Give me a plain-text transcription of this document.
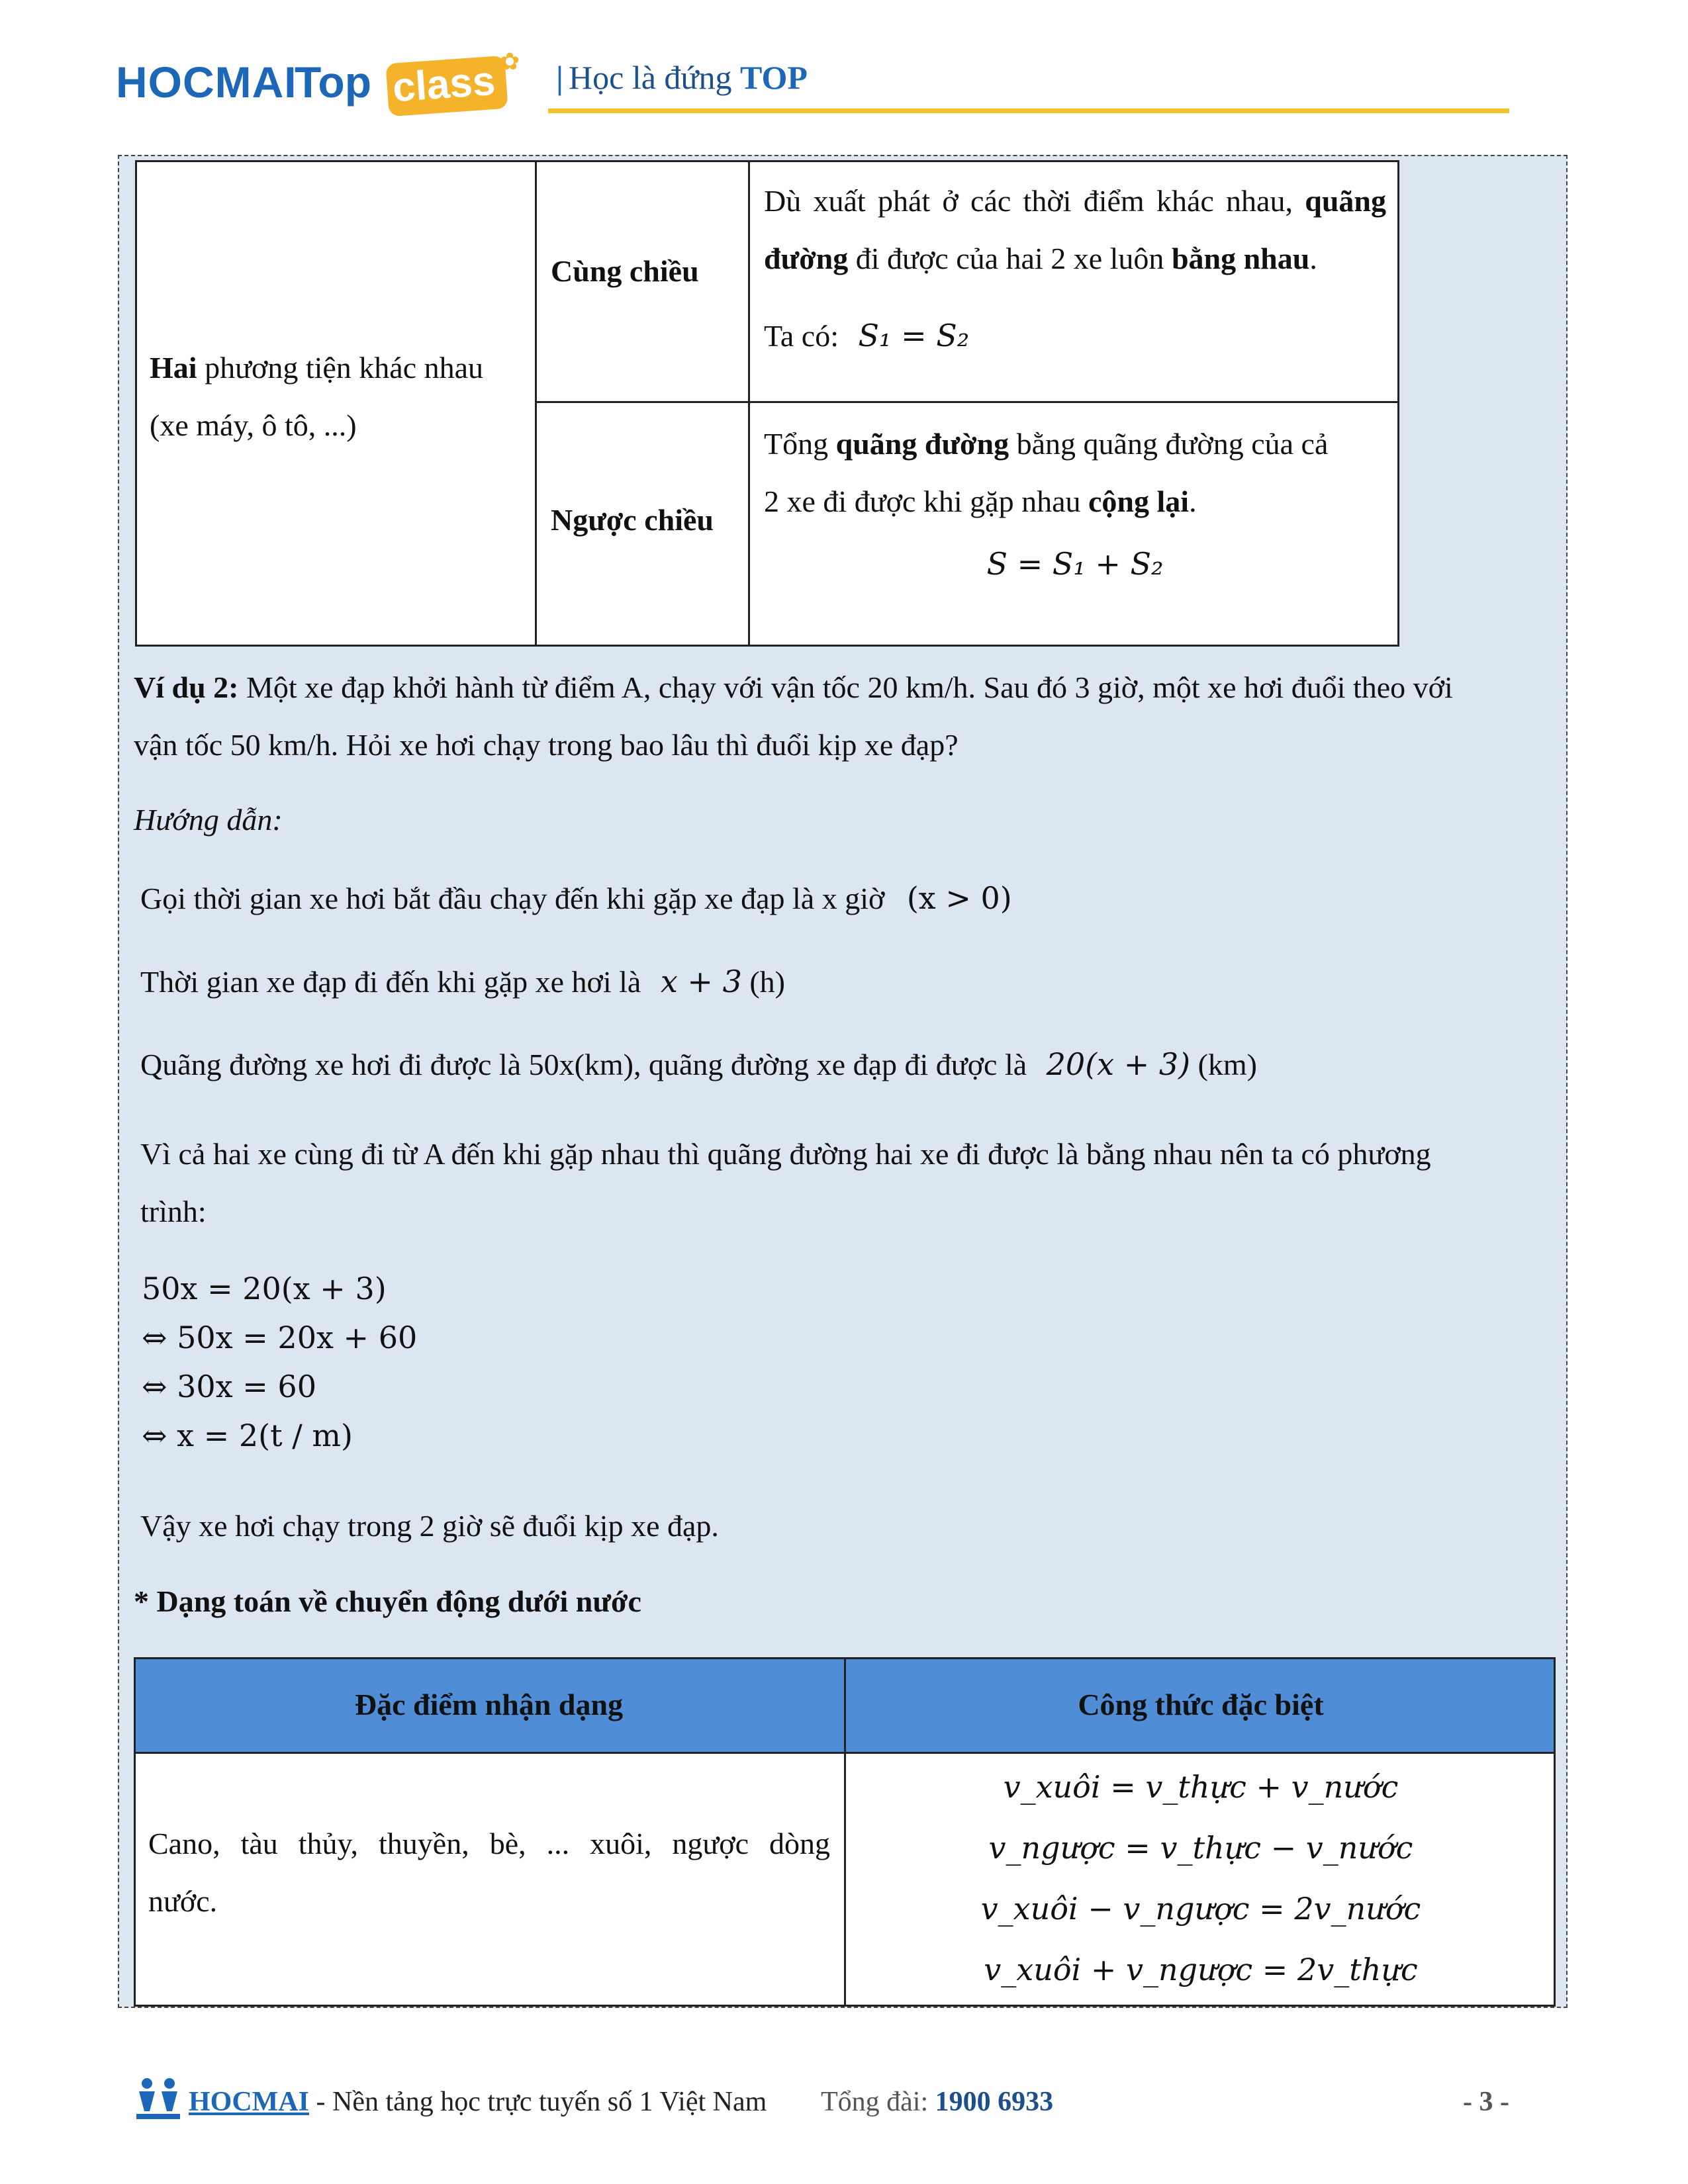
HOCMAI
Top class ✿ | Học là đứng TOP
Hai phương tiện khác nhau
(xe máy, ô tô, ...)
Cùng chiều
Dù xuất phát ở các thời điểm khác nhau, quãng đường đi được của hai 2 xe luôn bằng nhau.
Ta có: S₁ = S₂
Ngược chiều
Tổng quãng đường bằng quãng đường của cả
2 xe đi được khi gặp nhau cộng lại.
S = S₁ + S₂
Ví dụ 2: Một xe đạp khởi hành từ điểm A, chạy với vận tốc 20 km/h. Sau đó 3 giờ, một xe hơi đuổi theo với
vận tốc 50 km/h. Hỏi xe hơi chạy trong bao lâu thì đuổi kịp xe đạp?
Hướng dẫn:
Gọi thời gian xe hơi bắt đầu chạy đến khi gặp xe đạp là x giờ (x > 0)
Thời gian xe đạp đi đến khi gặp xe hơi là x + 3 (h)
Quãng đường xe hơi đi được là 50x(km), quãng đường xe đạp đi được là 20(x + 3) (km)
Vì cả hai xe cùng đi từ A đến khi gặp nhau thì quãng đường hai xe đi được là bằng nhau nên ta có phương
trình:
50x = 20(x + 3)
⇔ 50x = 20x + 60
⇔ 30x = 60
⇔ x = 2(t / m)
Vậy xe hơi chạy trong 2 giờ sẽ đuổi kịp xe đạp.
* Dạng toán về chuyển động dưới nước
Đặc điểm nhận dạng	Công thức đặc biệt
Cano, tàu thủy, thuyền, bè, ... xuôi, ngược dòng
nước.
v_xuôi = v_thực + v_nước
v_ngược = v_thực − v_nước
v_xuôi − v_ngược = 2v_nước
v_xuôi + v_ngược = 2v_thực
HOCMAI - Nền tảng học trực tuyến số 1 Việt Nam Tổng đài: 1900 6933	- 3 -
